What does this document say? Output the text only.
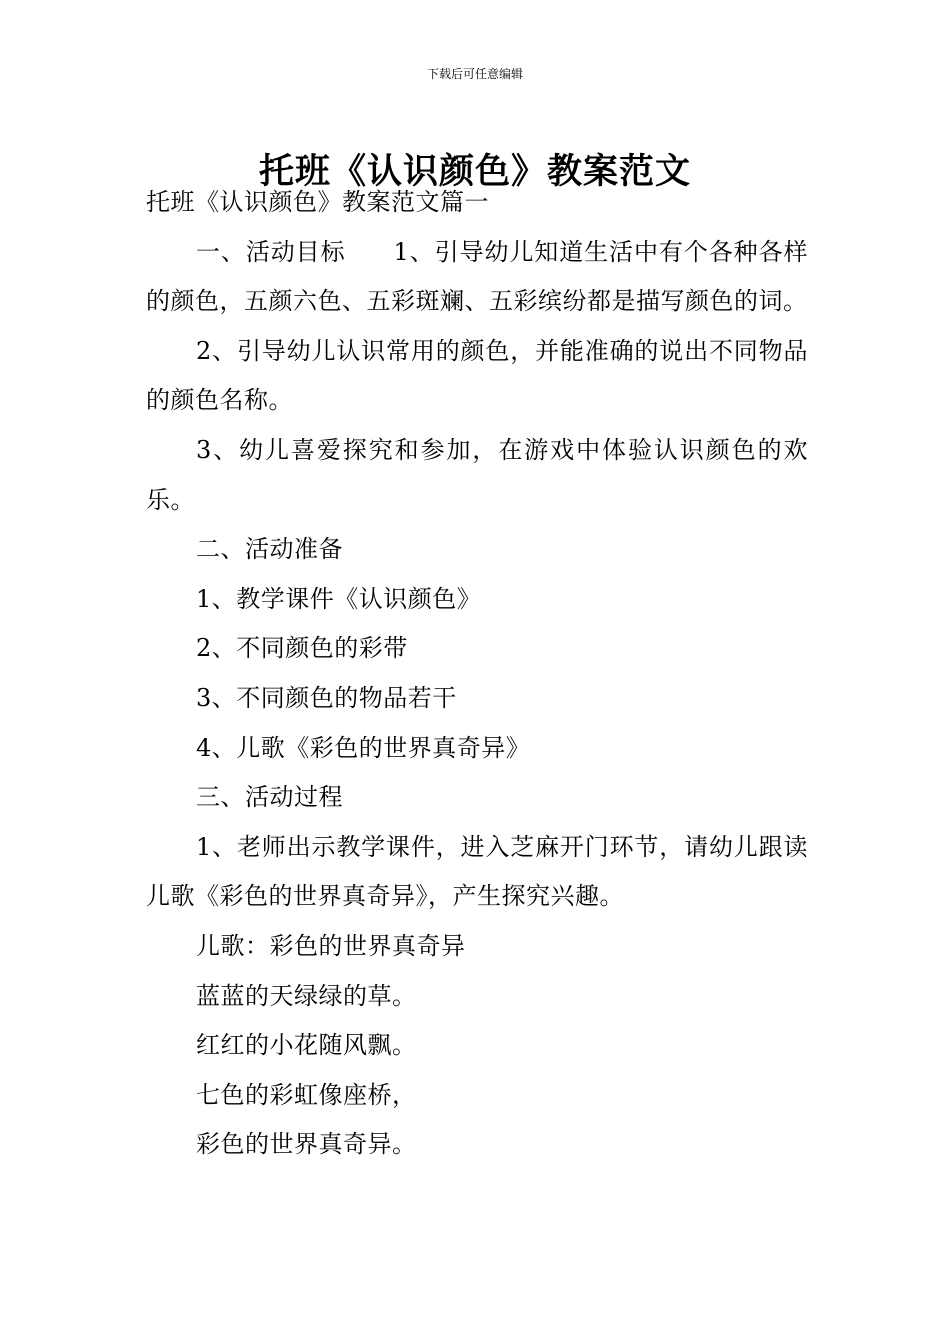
下载后可任意编辑
托班《认识颜色》教案范文

托班《认识颜色》教案范文篇一

一、活动目标 1、引导幼儿知道生活中有个各种各样的颜色，五颜六色、五彩斑斓、五彩缤纷都是描写颜色的词。

2、引导幼儿认识常用的颜色，并能准确的说出不同物品的颜色名称。

3、幼儿喜爱探究和参加，在游戏中体验认识颜色的欢乐。

二、活动准备

1、教学课件《认识颜色》

2、不同颜色的彩带

3、不同颜色的物品若干

4、儿歌《彩色的世界真奇异》

三、活动过程

1、老师出示教学课件，进入芝麻开门环节，请幼儿跟读儿歌《彩色的世界真奇异》，产生探究兴趣。

儿歌：彩色的世界真奇异

蓝蓝的天绿绿的草。

红红的小花随风飘。

七色的彩虹像座桥，

彩色的世界真奇异。
